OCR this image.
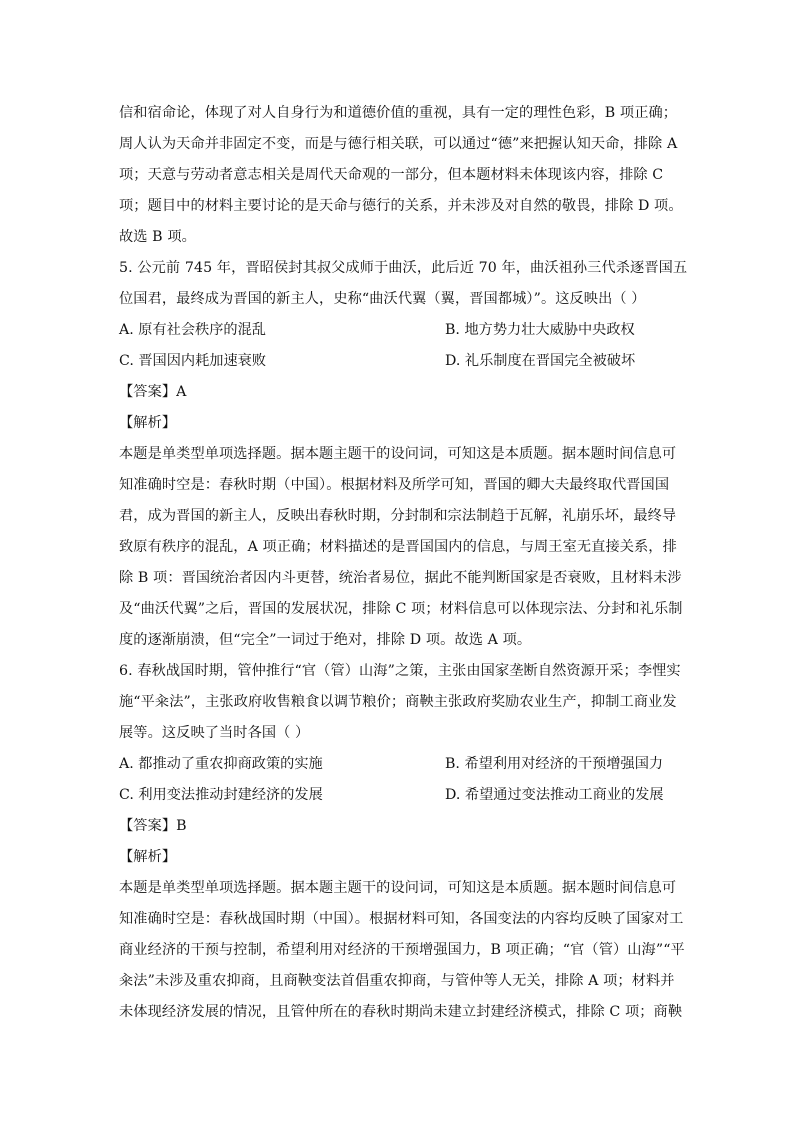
信和宿命论，体现了对人自身行为和道德价值的重视，具有一定的理性色彩，B 项正确；
周人认为天命并非固定不变，而是与德行相关联，可以通过“德”来把握认知天命，排除 A
项；天意与劳动者意志相关是周代天命观的一部分，但本题材料未体现该内容，排除 C
项；题目中的材料主要讨论的是天命与德行的关系，并未涉及对自然的敬畏，排除 D 项。
故选 B 项。
5. 公元前 745 年，晋昭侯封其叔父成师于曲沃，此后近 70 年，曲沃祖孙三代杀逐晋国五
位国君，最终成为晋国的新主人，史称“曲沃代翼（翼，晋国都城）”。这反映出（ ）
A. 原有社会秩序的混乱	B. 地方势力壮大威胁中央政权
C. 晋国因内耗加速衰败	D. 礼乐制度在晋国完全被破坏
【答案】A
【解析】
本题是单类型单项选择题。据本题主题干的设问词，可知这是本质题。据本题时间信息可
知准确时空是：春秋时期（中国）。根据材料及所学可知，晋国的卿大夫最终取代晋国国
君，成为晋国的新主人，反映出春秋时期，分封制和宗法制趋于瓦解，礼崩乐坏，最终导
致原有秩序的混乱，A 项正确；材料描述的是晋国国内的信息，与周王室无直接关系，排
除 B 项：晋国统治者因内斗更替，统治者易位，据此不能判断国家是否衰败，且材料未涉
及“曲沃代翼”之后，晋国的发展状况，排除 C 项；材料信息可以体现宗法、分封和礼乐制
度的逐渐崩溃，但“完全”一词过于绝对，排除 D 项。故选 A 项。
6. 春秋战国时期，管仲推行“官（管）山海”之策，主张由国家垄断自然资源开采；李悝实
施“平籴法”，主张政府收售粮食以调节粮价；商鞅主张政府奖励农业生产，抑制工商业发
展等。这反映了当时各国（ ）
A. 都推动了重农抑商政策的实施	B. 希望利用对经济的干预增强国力
C. 利用变法推动封建经济的发展	D. 希望通过变法推动工商业的发展
【答案】B
【解析】
本题是单类型单项选择题。据本题主题干的设问词，可知这是本质题。据本题时间信息可
知准确时空是：春秋战国时期（中国）。根据材料可知，各国变法的内容均反映了国家对工
商业经济的干预与控制，希望利用对经济的干预增强国力，B 项正确；“官（管）山海”“平
籴法”未涉及重农抑商，且商鞅变法首倡重农抑商，与管仲等人无关，排除 A 项；材料并
未体现经济发展的情况，且管仲所在的春秋时期尚未建立封建经济模式，排除 C 项；商鞅
